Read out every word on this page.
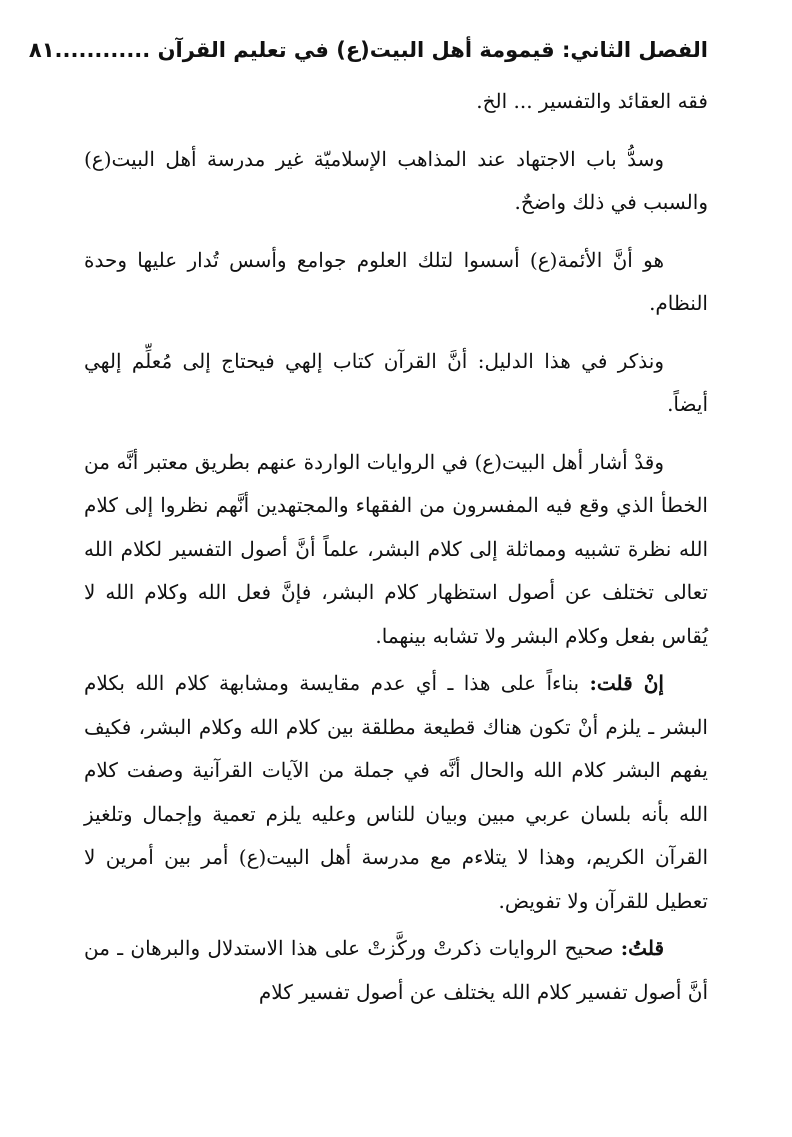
الفصل الثاني: قيمومة أهل البيت(ع) في تعليم القرآن ............
٨١

فقه العقائد والتفسير ... الخ.

وسدُّ باب الاجتهاد عند المذاهب الإسلاميّة غير مدرسة أهل البيت(ع) والسبب في ذلك واضحٌ.

هو أنَّ الأئمة(ع) أسسوا لتلك العلوم جوامع وأسس تُدار عليها وحدة النظام.

ونذكر في هذا الدليل: أنَّ القرآن كتاب إلهي فيحتاج إلى مُعلِّم إلهي أيضاً.

وقدْ أشار أهل البيت(ع) في الروايات الواردة عنهم بطريق معتبر أنَّه من الخطأ الذي وقع فيه المفسرون من الفقهاء والمجتهدين أنَّهم نظروا إلى كلام الله نظرة تشبيه ومماثلة إلى كلام البشر، علماً أنَّ أصول التفسير لكلام الله تعالى تختلف عن أصول استظهار كلام البشر، فإنَّ فعل الله وكلام الله لا يُقاس بفعل وكلام البشر ولا تشابه بينهما.

إنْ قلت: بناءاً على هذا ـ أي عدم مقايسة ومشابهة كلام الله بكلام البشر ـ يلزم أنْ تكون هناك قطيعة مطلقة بين كلام الله وكلام البشر، فكيف يفهم البشر كلام الله والحال أنَّه في جملة من الآيات القرآنية وصفت كلام الله بأنه بلسان عربي مبين وبيان للناس وعليه يلزم تعمية وإجمال وتلغيز القرآن الكريم، وهذا لا يتلاءم مع مدرسة أهل البيت(ع) أمر بين أمرين لا تعطيل للقرآن ولا تفويض.

قلتُ: صحيح الروايات ذكرتْ وركَّزتْ على هذا الاستدلال والبرهان ـ من أنَّ أصول تفسير كلام الله يختلف عن أصول تفسير كلام
